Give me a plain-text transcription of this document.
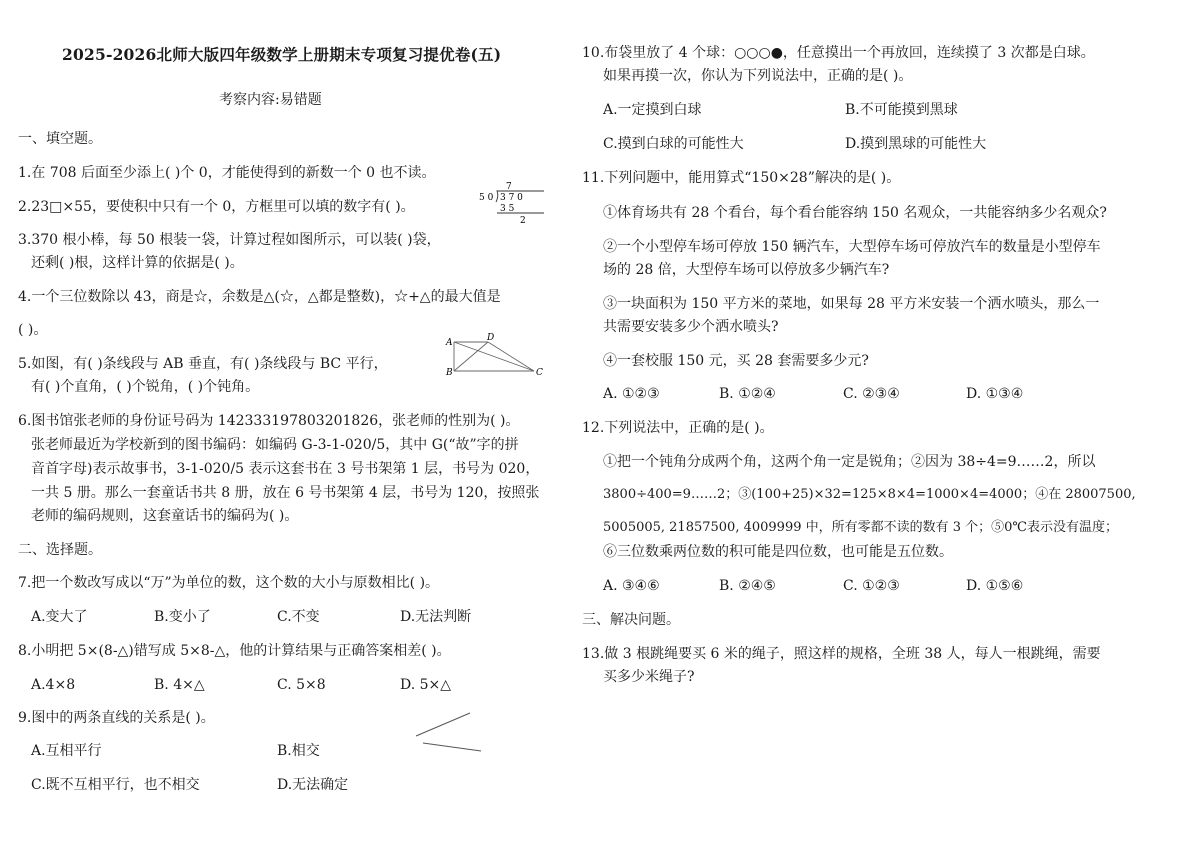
2025-2026北师大版四年级数学上册期末专项复习提优卷(五)
考察内容:易错题
一、填空题。
1.在 708 后面至少添上( )个 0，才能使得到的新数一个 0 也不读。
2.23□×55，要使积中只有一个 0，方框里可以填的数字有( )。
7
5 0 3 7 0
3 5
2
3.370 根小棒，每 50 根装一袋，计算过程如图所示，可以装( )袋，
还剩( )根，这样计算的依据是( )。
4.一个三位数除以 43，商是☆，余数是△(☆，△都是整数)，☆+△的最大值是
( )。
A	D
B	C
5.如图，有( )条线段与 AB 垂直，有( )条线段与 BC 平行，
有( )个直角，( )个锐角，( )个钝角。
6.图书馆张老师的身份证号码为 142333197803201826，张老师的性别为( )。
张老师最近为学校新到的图书编码：如编码 G-3-1-020/5，其中 G(“故”字的拼
音首字母)表示故事书，3-1-020/5 表示这套书在 3 号书架第 1 层，书号为 020，
一共 5 册。那么一套童话书共 8 册，放在 6 号书架第 4 层，书号为 120，按照张
老师的编码规则，这套童话书的编码为( )。
二、选择题。
7.把一个数改写成以“万”为单位的数，这个数的大小与原数相比( )。
A.变大了	B.变小了	C.不变	D.无法判断
8.小明把 5×(8-△)错写成 5×8-△，他的计算结果与正确答案相差( )。
A.4×8	B. 4×△	C. 5×8	D. 5×△
9.图中的两条直线的关系是( )。
A.互相平行	B.相交
C.既不互相平行，也不相交	D.无法确定
10.布袋里放了 4 个球：○○○●，任意摸出一个再放回，连续摸了 3 次都是白球。
如果再摸一次，你认为下列说法中，正确的是( )。
A.一定摸到白球	B.不可能摸到黑球
C.摸到白球的可能性大	D.摸到黑球的可能性大
11.下列问题中，能用算式“150×28”解决的是( )。
①体育场共有 28 个看台，每个看台能容纳 150 名观众，一共能容纳多少名观众?
②一个小型停车场可停放 150 辆汽车，大型停车场可停放汽车的数量是小型停车
场的 28 倍，大型停车场可以停放多少辆汽车?
③一块面积为 150 平方米的菜地，如果每 28 平方米安装一个洒水喷头，那么一
共需要安装多少个洒水喷头?
④一套校服 150 元，买 28 套需要多少元?
A. ①②③	B. ①②④	C. ②③④	D. ①③④
12.下列说法中，正确的是( )。
①把一个钝角分成两个角，这两个角一定是锐角；②因为 38÷4=9……2，所以
3800÷400=9……2；③(100+25)×32=125×8×4=1000×4=4000；④在 28007500,
5005005, 21857500, 4009999 中，所有零都不读的数有 3 个；⑤0℃表示没有温度；
⑥三位数乘两位数的积可能是四位数，也可能是五位数。
A. ③④⑥	B. ②④⑤	C. ①②③	D. ①⑤⑥
三、解决问题。
13.做 3 根跳绳要买 6 米的绳子，照这样的规格，全班 38 人，每人一根跳绳，需要
买多少米绳子?
